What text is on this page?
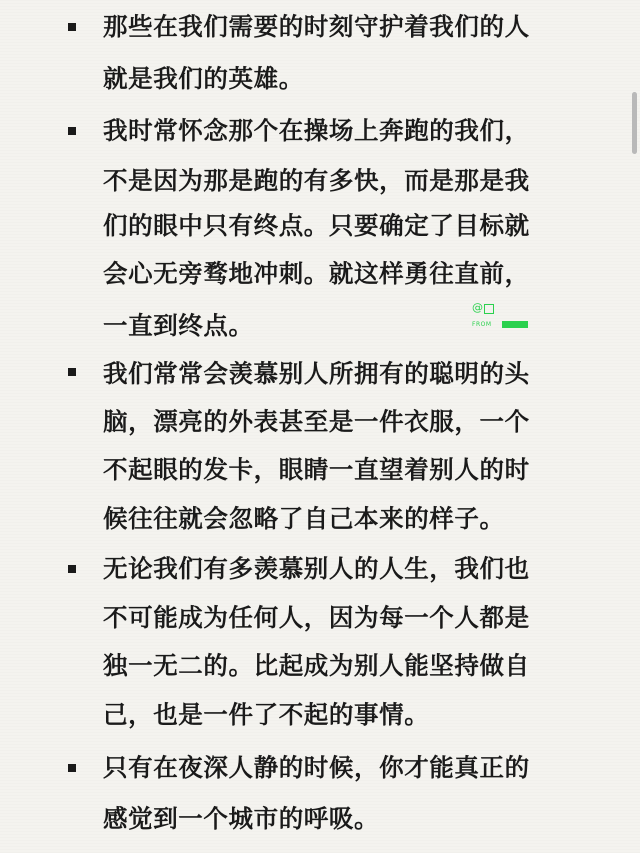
那些在我们需要的时刻守护着我们的人
就是我们的英雄。
我时常怀念那个在操场上奔跑的我们，
不是因为那是跑的有多快，而是那是我
们的眼中只有终点。只要确定了目标就
会心无旁骛地冲刺。就这样勇往直前，
一直到终点。
我们常常会羡慕别人所拥有的聪明的头
脑，漂亮的外表甚至是一件衣服，一个
不起眼的发卡，眼睛一直望着别人的时
候往往就会忽略了自己本来的样子。
无论我们有多羡慕别人的人生，我们也
不可能成为任何人，因为每一个人都是
独一无二的。比起成为别人能坚持做自
己，也是一件了不起的事情。
只有在夜深人静的时候，你才能真正的
感觉到一个城市的呼吸。
@
FROM
